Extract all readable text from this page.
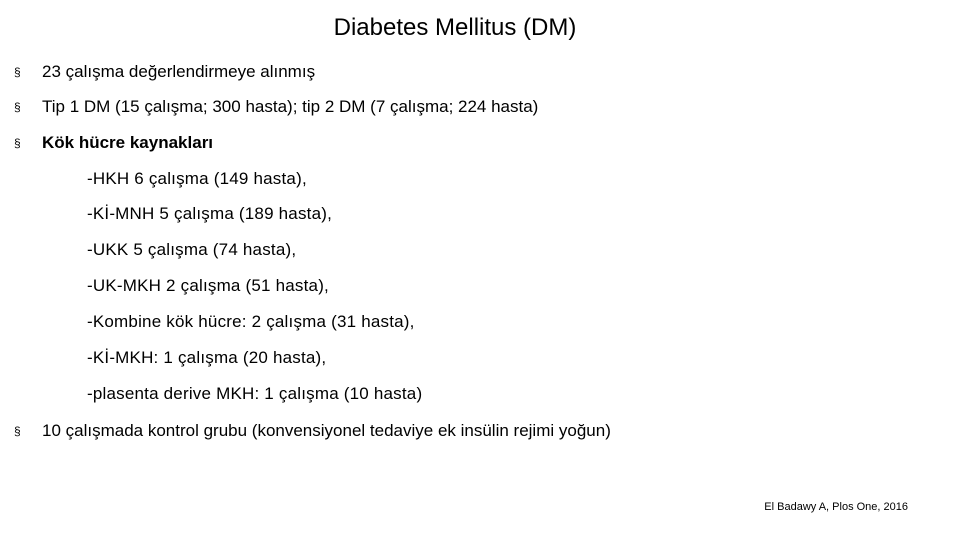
Diabetes Mellitus (DM)
§	23 çalışma değerlendirmeye alınmış
§	Tip 1 DM (15 çalışma; 300 hasta); tip 2 DM (7 çalışma; 224 hasta)
§	Kök hücre kaynakları
-HKH 6 çalışma (149 hasta),
-Kİ-MNH 5 çalışma (189 hasta),
-UKK 5 çalışma (74 hasta),
-UK-MKH 2 çalışma (51 hasta),
-Kombine kök hücre: 2 çalışma (31 hasta),
-Kİ-MKH: 1 çalışma (20 hasta),
-plasenta derive MKH: 1 çalışma (10 hasta)
§	10 çalışmada kontrol grubu (konvensiyonel tedaviye ek insülin rejimi yoğun)
El Badawy A, Plos One, 2016
